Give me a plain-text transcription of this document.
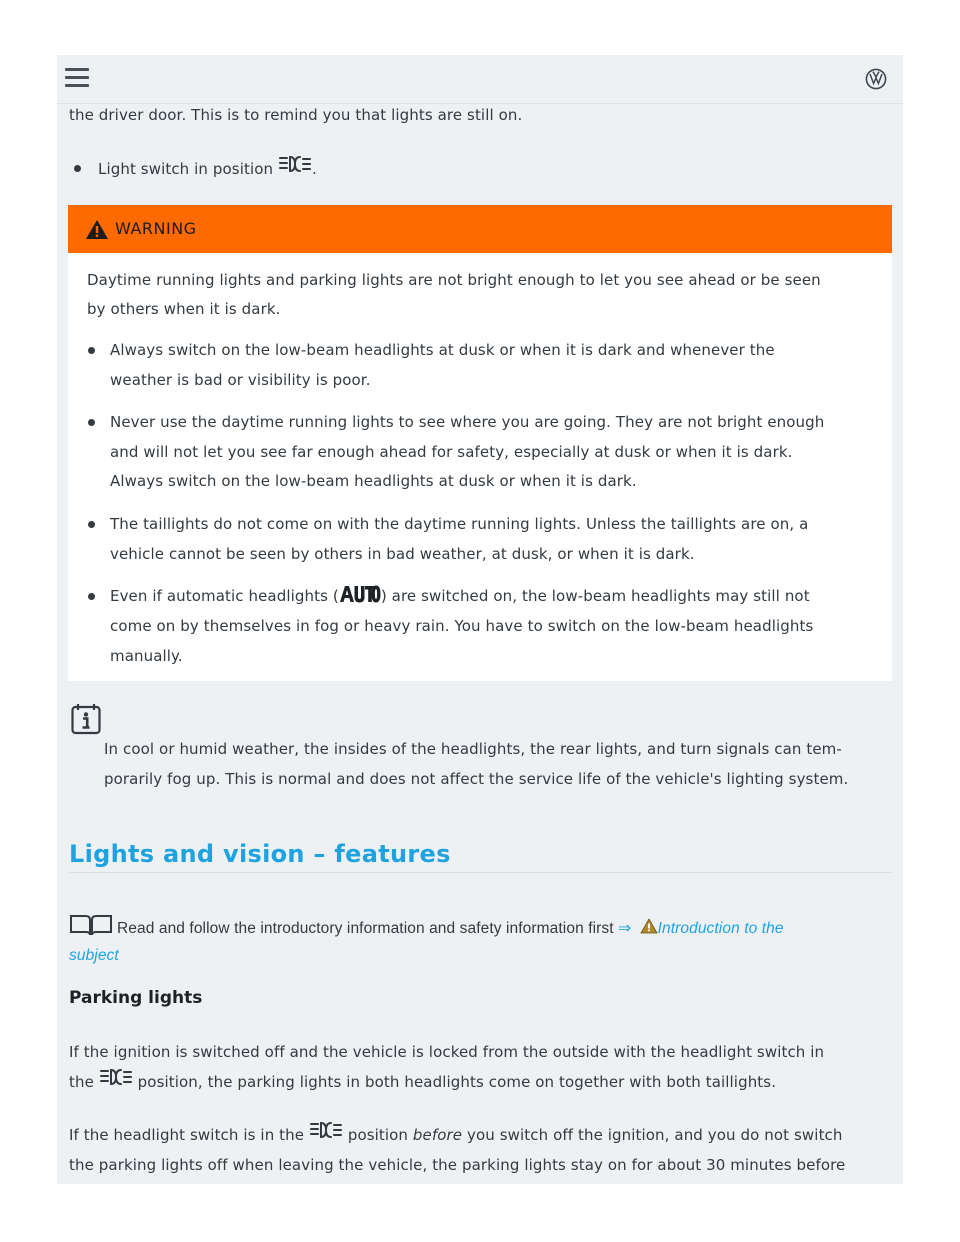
the driver door. This is to remind you that lights are still on.
Light switch in position .
WARNING
Daytime running lights and parking lights are not bright enough to let you see ahead or be seen
by others when it is dark.
Always switch on the low-beam headlights at dusk or when it is dark and whenever the
weather is bad or visibility is poor.
Never use the daytime running lights to see where you are going. They are not bright enough
and will not let you see far enough ahead for safety, especially at dusk or when it is dark.
Always switch on the low-beam headlights at dusk or when it is dark.
The taillights do not come on with the daytime running lights. Unless the taillights are on, a
vehicle cannot be seen by others in bad weather, at dusk, or when it is dark.
Even if automatic headlights (	) are switched on, the low-beam headlights may still not
come on by themselves in fog or heavy rain. You have to switch on the low-beam headlights
manually.
In cool or humid weather, the insides of the headlights, the rear lights, and turn signals can tem-
porarily fog up. This is normal and does not affect the service life of the vehicle's lighting system.
Lights and vision – features
Read and follow the introductory information and safety information first ⇒ Introduction to the
subject
Parking lights
If the ignition is switched off and the vehicle is locked from the outside with the headlight switch in
the  position, the parking lights in both headlights come on together with both taillights.
If the headlight switch is in the  position before you switch off the ignition, and you do not switch
the parking lights off when leaving the vehicle, the parking lights stay on for about 30 minutes before
